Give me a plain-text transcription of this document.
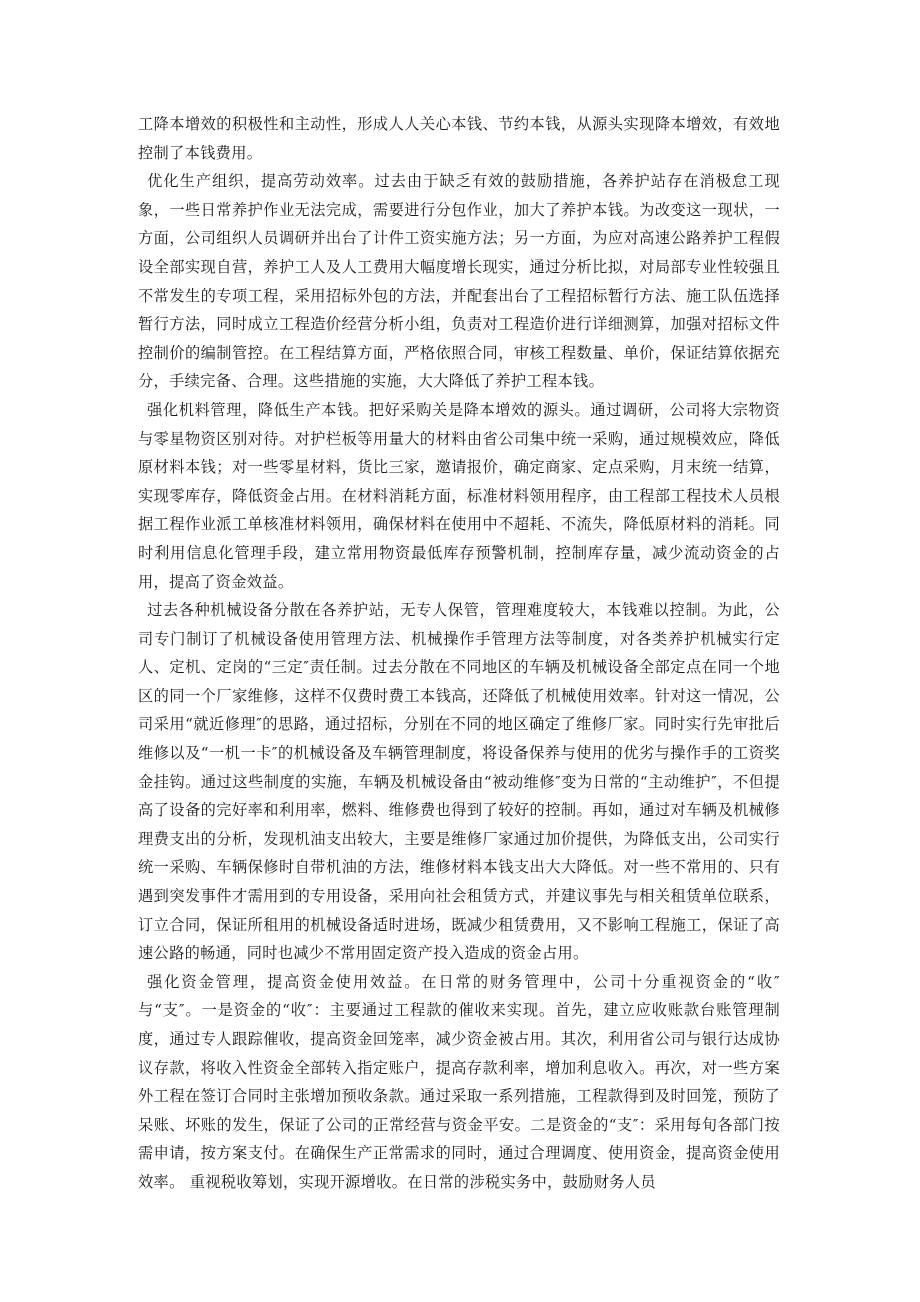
工降本增效的积极性和主动性，形成人人关心本钱、节约本钱，从源头实现降本增效，有效地控制了本钱费用。

优化生产组织，提高劳动效率。过去由于缺乏有效的鼓励措施，各养护站存在消极怠工现象，一些日常养护作业无法完成，需要进行分包作业，加大了养护本钱。为改变这一现状，一方面，公司组织人员调研并出台了计件工资实施方法；另一方面，为应对高速公路养护工程假设全部实现自营，养护工人及人工费用大幅度增长现实，通过分析比拟，对局部专业性较强且不常发生的专项工程，采用招标外包的方法，并配套出台了工程招标暂行方法、施工队伍选择暂行方法，同时成立工程造价经营分析小组，负责对工程造价进行详细测算，加强对招标文件控制价的编制管控。在工程结算方面，严格依照合同，审核工程数量、单价，保证结算依据充分，手续完备、合理。这些措施的实施，大大降低了养护工程本钱。

强化机料管理，降低生产本钱。把好采购关是降本增效的源头。通过调研，公司将大宗物资与零星物资区别对待。对护栏板等用量大的材料由省公司集中统一采购，通过规模效应，降低原材料本钱；对一些零星材料，货比三家，邀请报价，确定商家、定点采购，月末统一结算，实现零库存，降低资金占用。在材料消耗方面，标准材料领用程序，由工程部工程技术人员根据工程作业派工单核准材料领用，确保材料在使用中不超耗、不流失，降低原材料的消耗。同时利用信息化管理手段，建立常用物资最低库存预警机制，控制库存量，减少流动资金的占用，提高了资金效益。

过去各种机械设备分散在各养护站，无专人保管，管理难度较大，本钱难以控制。为此，公司专门制订了机械设备使用管理方法、机械操作手管理方法等制度，对各类养护机械实行定人、定机、定岗的“三定″责任制。过去分散在不同地区的车辆及机械设备全部定点在同一个地区的同一个厂家维修，这样不仅费时费工本钱高，还降低了机械使用效率。针对这一情况，公司采用“就近修理″的思路，通过招标，分别在不同的地区确定了维修厂家。同时实行先审批后维修以及“一机一卡″的机械设备及车辆管理制度，将设备保养与使用的优劣与操作手的工资奖金挂钩。通过这些制度的实施，车辆及机械设备由“被动维修″变为日常的“主动维护″，不但提高了设备的完好率和利用率，燃料、维修费也得到了较好的控制。再如，通过对车辆及机械修理费支出的分析，发现机油支出较大，主要是维修厂家通过加价提供，为降低支出，公司实行统一采购、车辆保修时自带机油的方法，维修材料本钱支出大大降低。对一些不常用的、只有遇到突发事件才需用到的专用设备，采用向社会租赁方式，并建议事先与相关租赁单位联系，订立合同，保证所租用的机械设备适时进场，既减少租赁费用，又不影响工程施工，保证了高速公路的畅通，同时也减少不常用固定资产投入造成的资金占用。

强化资金管理，提高资金使用效益。在日常的财务管理中，公司十分重视资金的“收″与“支″。一是资金的“收″：主要通过工程款的催收来实现。首先，建立应收账款台账管理制度，通过专人跟踪催收，提高资金回笼率，减少资金被占用。其次，利用省公司与银行达成协议存款，将收入性资金全部转入指定账户，提高存款利率，增加利息收入。再次，对一些方案外工程在签订合同时主张增加预收条款。通过采取一系列措施，工程款得到及时回笼，预防了呆账、坏账的发生，保证了公司的正常经营与资金平安。二是资金的“支″：采用每旬各部门按需申请，按方案支付。在确保生产正常需求的同时，通过合理调度、使用资金，提高资金使用效率。 重视税收筹划，实现开源增收。在日常的涉税实务中，鼓励财务人员
